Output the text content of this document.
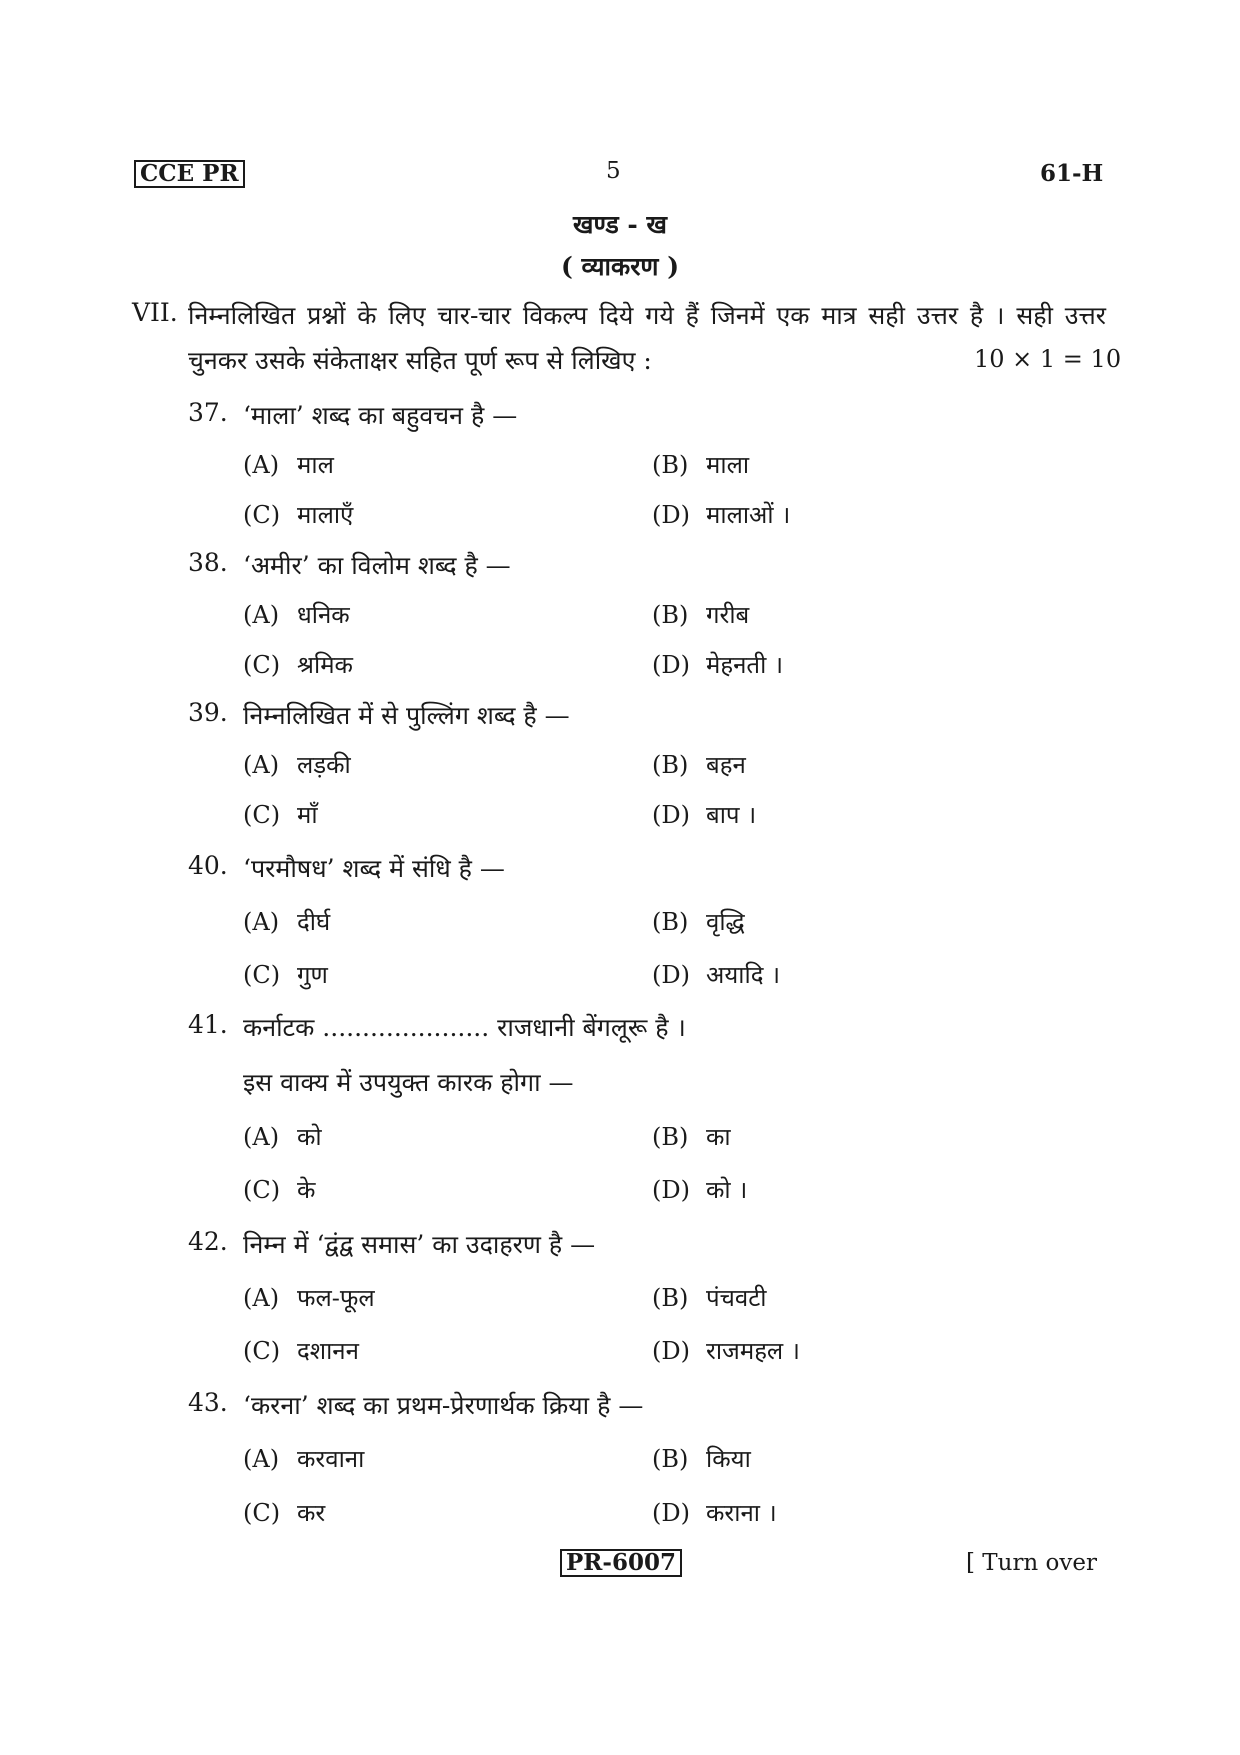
CCE PR	5	61-H
खण्ड - ख
( व्याकरण )
VII. निम्नलिखित प्रश्नों के लिए चार-चार विकल्प दिये गये हैं जिनमें एक मात्र सही उत्तर है । सही उत्तर
चुनकर उसके संकेताक्षर सहित पूर्ण रूप से लिखिए :	10 × 1 = 10
37. ‘माला’ शब्द का बहुवचन है —
(A) माल	(B) माला
(C) मालाएँ	(D) मालाओं ।
38. ‘अमीर’ का विलोम शब्द है —
(A) धनिक	(B) गरीब
(C) श्रमिक	(D) मेहनती ।
39. निम्नलिखित में से पुल्लिंग शब्द है —
(A) लड़की	(B) बहन
(C) माँ	(D) बाप ।
40. ‘परमौषध’ शब्द में संधि है —
(A) दीर्घ	(B) वृद्धि
(C) गुण	(D) अयादि ।
41. कर्नाटक ..................... राजधानी बेंगलूरू है ।
इस वाक्य में उपयुक्त कारक होगा —
(A) को	(B) का
(C) के	(D) को ।
42. निम्न में ‘द्वंद्व समास’ का उदाहरण है —
(A) फल-फूल	(B) पंचवटी
(C) दशानन	(D) राजमहल ।
43. ‘करना’ शब्द का प्रथम-प्रेरणार्थक क्रिया है —
(A) करवाना	(B) किया
(C) कर	(D) कराना ।
PR-6007	[ Turn over
